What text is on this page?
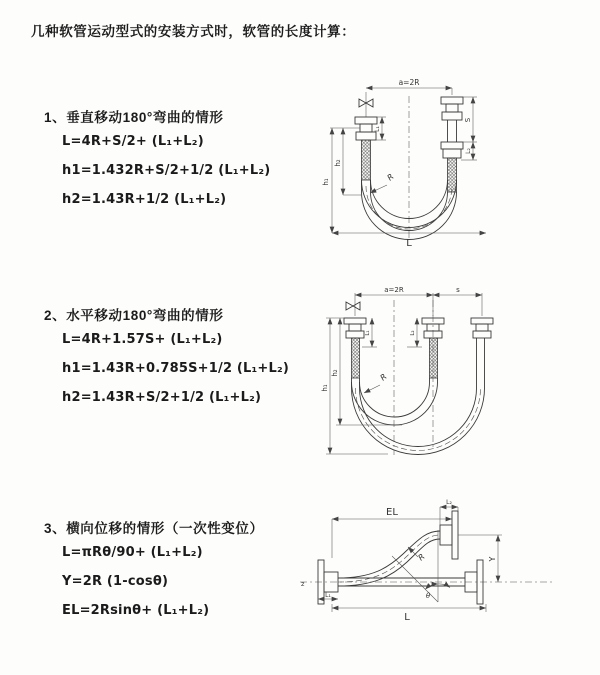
几种软管运动型式的安装方式时，软管的长度计算：
1、垂直移动180°弯曲的情形
L=4R+S/2+ (L₁+L₂)
h1=1.432R+S/2+1/2 (L₁+L₂)
h2=1.43R+1/2 (L₁+L₂)
2、水平移动180°弯曲的情形
L=4R+1.57S+ (L₁+L₂)
h1=1.43R+0.785S+1/2 (L₁+L₂)
h2=1.43R+S/2+1/2 (L₁+L₂)
3、横向位移的情形（一次性变位）
L=πRθ/90+ (L₁+L₂)
Y=2R (1-cosθ)
EL=2Rsinθ+ (L₁+L₂)
a=2R
h₁
h₂
L₁
S
L₂
R
L
a=2R	s
h₁
h₂
L₁	L₂
R
z
EL
L₂
Y
θ
R
L₁
L
